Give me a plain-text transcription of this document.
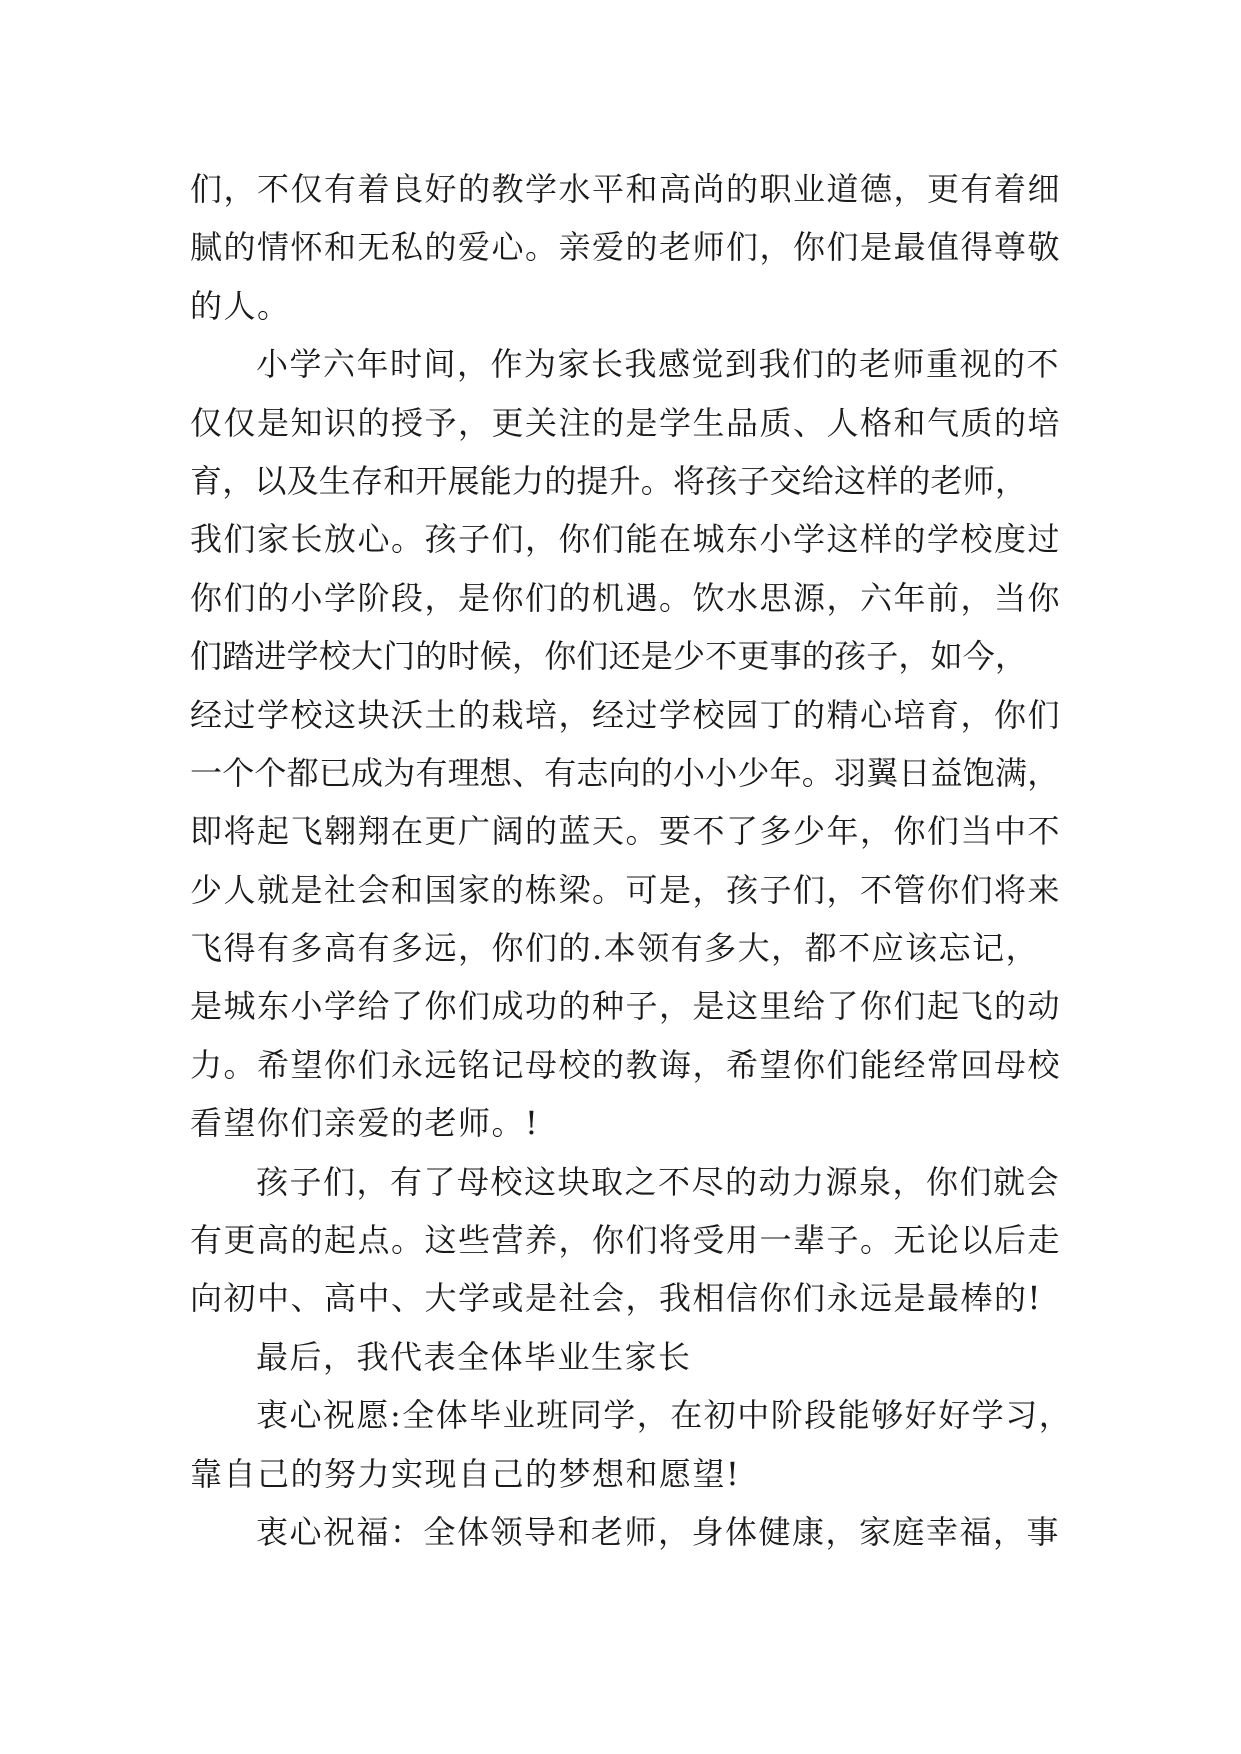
们，不仅有着良好的教学水平和高尚的职业道德，更有着细
腻的情怀和无私的爱心。亲爱的老师们，你们是最值得尊敬
的人。
小学六年时间，作为家长我感觉到我们的老师重视的不
仅仅是知识的授予，更关注的是学生品质、人格和气质的培
育，以及生存和开展能力的提升。将孩子交给这样的老师，
我们家长放心。孩子们，你们能在城东小学这样的学校度过
你们的小学阶段，是你们的机遇。饮水思源，六年前，当你
们踏进学校大门的时候，你们还是少不更事的孩子，如今，
经过学校这块沃土的栽培，经过学校园丁的精心培育，你们
一个个都已成为有理想、有志向的小小少年。羽翼日益饱满，
即将起飞翱翔在更广阔的蓝天。要不了多少年，你们当中不
少人就是社会和国家的栋梁。可是，孩子们，不管你们将来
飞得有多高有多远，你们的.本领有多大，都不应该忘记，
是城东小学给了你们成功的种子，是这里给了你们起飞的动
力。希望你们永远铭记母校的教诲，希望你们能经常回母校
看望你们亲爱的老师。!
孩子们，有了母校这块取之不尽的动力源泉，你们就会
有更高的起点。这些营养，你们将受用一辈子。无论以后走
向初中、高中、大学或是社会，我相信你们永远是最棒的!
最后，我代表全体毕业生家长
衷心祝愿:全体毕业班同学，在初中阶段能够好好学习，
靠自己的努力实现自己的梦想和愿望!
衷心祝福：全体领导和老师，身体健康，家庭幸福，事
